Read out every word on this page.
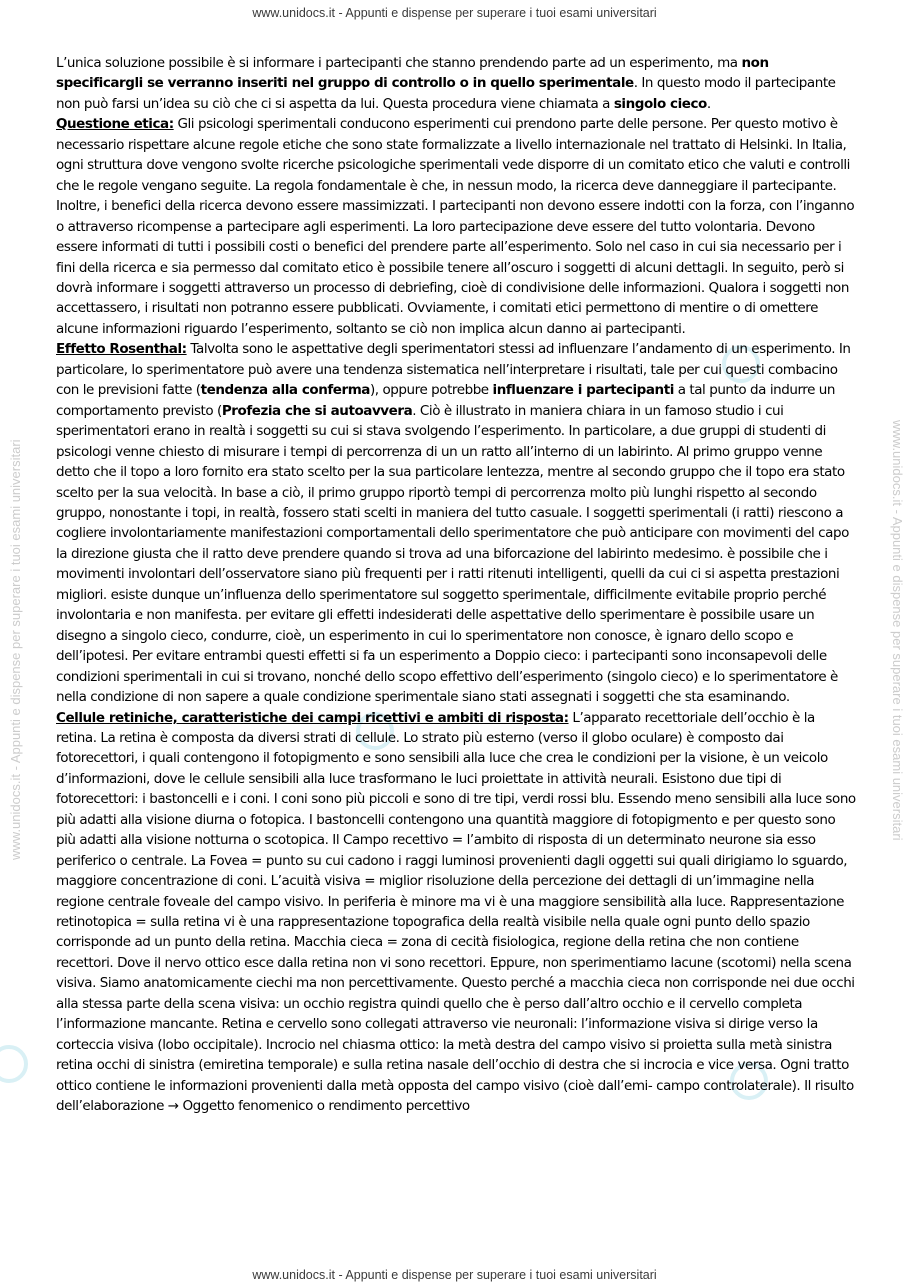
www.unidocs.it - Appunti e dispense per superare i tuoi esami universitari
www.unidocs.it - Appunti e dispense per superare i tuoi esami universitari	www.unidocs.it - Appunti e dispense per superare i tuoi esami universitari

L’unica soluzione possibile è si informare i partecipanti che stanno prendendo parte ad un esperimento, ma non specificargli se verranno inseriti nel gruppo di controllo o in quello sperimentale. In questo modo il partecipante non può farsi un’idea su ciò che ci si aspetta da lui. Questa procedura viene chiamata a singolo cieco.

Questione etica: Gli psicologi sperimentali conducono esperimenti cui prendono parte delle persone. Per questo motivo è necessario rispettare alcune regole etiche che sono state formalizzate a livello internazionale nel trattato di Helsinki. In Italia, ogni struttura dove vengono svolte ricerche psicologiche sperimentali vede disporre di un comitato etico che valuti e controlli che le regole vengano seguite. La regola fondamentale è che, in nessun modo, la ricerca deve danneggiare il partecipante. Inoltre, i benefici della ricerca devono essere massimizzati. I partecipanti non devono essere indotti con la forza, con l’inganno o attraverso ricompense a partecipare agli esperimenti. La loro partecipazione deve essere del tutto volontaria. Devono essere informati di tutti i possibili costi o benefici del prendere parte all’esperimento. Solo nel caso in cui sia necessario per i fini della ricerca e sia permesso dal comitato etico è possibile tenere all’oscuro i soggetti di alcuni dettagli. In seguito, però si dovrà informare i soggetti attraverso un processo di debriefing, cioè di condivisione delle informazioni. Qualora i soggetti non accettassero, i risultati non potranno essere pubblicati. Ovviamente, i comitati etici permettono di mentire o di omettere alcune informazioni riguardo l’esperimento, soltanto se ciò non implica alcun danno ai partecipanti.

Effetto Rosenthal: Talvolta sono le aspettative degli sperimentatori stessi ad influenzare l’andamento di un esperimento. In particolare, lo sperimentatore può avere una tendenza sistematica nell’interpretare i risultati, tale per cui questi combacino con le previsioni fatte (tendenza alla conferma), oppure potrebbe influenzare i partecipanti a tal punto da indurre un comportamento previsto (Profezia che si autoavvera. Ciò è illustrato in maniera chiara in un famoso studio i cui sperimentatori erano in realtà i soggetti su cui si stava svolgendo l’esperimento. In particolare, a due gruppi di studenti di psicologi venne chiesto di misurare i tempi di percorrenza di un un ratto all’interno di un labirinto. Al primo gruppo venne detto che il topo a loro fornito era stato scelto per la sua particolare lentezza, mentre al secondo gruppo che il topo era stato scelto per la sua velocità. In base a ciò, il primo gruppo riportò tempi di percorrenza molto più lunghi rispetto al secondo gruppo, nonostante i topi, in realtà, fossero stati scelti in maniera del tutto casuale. I soggetti sperimentali (i ratti) riescono a cogliere involontariamente manifestazioni comportamentali dello sperimentatore che può anticipare con movimenti del capo la direzione giusta che il ratto deve prendere quando si trova ad una biforcazione del labirinto medesimo. è possibile che i movimenti involontari dell’osservatore siano più frequenti per i ratti ritenuti intelligenti, quelli da cui ci si aspetta prestazioni migliori. esiste dunque un’influenza dello sperimentatore sul soggetto sperimentale, difficilmente evitabile proprio perché involontaria e non manifesta. per evitare gli effetti indesiderati delle aspettative dello sperimentare è possibile usare un disegno a singolo cieco, condurre, cioè, un esperimento in cui lo sperimentatore non conosce, è ignaro dello scopo e dell’ipotesi. Per evitare entrambi questi effetti si fa un esperimento a Doppio cieco: i partecipanti sono inconsapevoli delle condizioni sperimentali in cui si trovano, nonché dello scopo effettivo dell’esperimento (singolo cieco) e lo sperimentatore è nella condizione di non sapere a quale condizione sperimentale siano stati assegnati i soggetti che sta esaminando.

Cellule retiniche, caratteristiche dei campi ricettivi e ambiti di risposta: L’apparato recettoriale dell’occhio è la retina. La retina è composta da diversi strati di cellule. Lo strato più esterno (verso il globo oculare) è composto dai fotorecettori, i quali contengono il fotopigmento e sono sensibili alla luce che crea le condizioni per la visione, è un veicolo d’informazioni, dove le cellule sensibili alla luce trasformano le luci proiettate in attività neurali. Esistono due tipi di fotorecettori: i bastoncelli e i coni. I coni sono più piccoli e sono di tre tipi, verdi rossi blu. Essendo meno sensibili alla luce sono più adatti alla visione diurna o fotopica. I bastoncelli contengono una quantità maggiore di fotopigmento e per questo sono più adatti alla visione notturna o scotopica. Il Campo recettivo = l’ambito di risposta di un determinato neurone sia esso periferico o centrale. La Fovea = punto su cui cadono i raggi luminosi provenienti dagli oggetti sui quali dirigiamo lo sguardo, maggiore concentrazione di coni. L’acuità visiva = miglior risoluzione della percezione dei dettagli di un’immagine nella regione centrale foveale del campo visivo. In periferia è minore ma vi è una maggiore sensibilità alla luce. Rappresentazione retinotopica = sulla retina vi è una rappresentazione topografica della realtà visibile nella quale ogni punto dello spazio corrisponde ad un punto della retina. Macchia cieca = zona di cecità fisiologica, regione della retina che non contiene recettori. Dove il nervo ottico esce dalla retina non vi sono recettori. Eppure, non sperimentiamo lacune (scotomi) nella scena visiva. Siamo anatomicamente ciechi ma non percettivamente. Questo perché a macchia cieca non corrisponde nei due occhi alla stessa parte della scena visiva: un occhio registra quindi quello che è perso dall’altro occhio e il cervello completa l’informazione mancante. Retina e cervello sono collegati attraverso vie neuronali: l’informazione visiva si dirige verso la corteccia visiva (lobo occipitale). Incrocio nel chiasma ottico: la metà destra del campo visivo si proietta sulla metà sinistra retina occhi di sinistra (emiretina temporale) e sulla retina nasale dell’occhio di destra che si incrocia e vice versa. Ogni tratto ottico contiene le informazioni provenienti dalla metà opposta del campo visivo (cioè dall’emi- campo controlaterale). Il risulto dell’elaborazione → Oggetto fenomenico o rendimento percettivo

www.unidocs.it - Appunti e dispense per superare i tuoi esami universitari
